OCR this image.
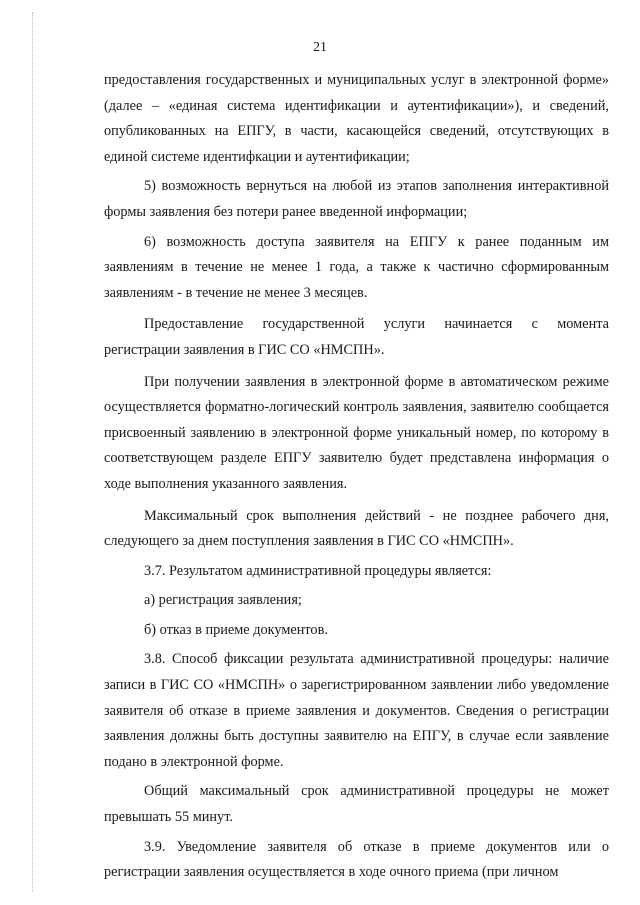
21

предоставления государственных и муниципальных услуг в электронной форме» (далее – «единая система идентификации и аутентификации»), и сведений, опубликованных на ЕПГУ, в части, касающейся сведений, отсутствующих в единой системе идентифкации и аутентификации;

5) возможность вернуться на любой из этапов заполнения интерактивной формы заявления без потери ранее введенной информации;

6) возможность доступа заявителя на ЕПГУ к ранее поданным им заявлениям в течение не менее 1 года, а также к частично сформированным заявлениям - в течение не менее 3 месяцев.

Предоставление государственной услуги начинается с момента регистрации заявления в ГИС СО «НМСПН».

При получении заявления в электронной форме в автоматическом режиме осуществляется форматно-логический контроль заявления, заявителю сообщается присвоенный заявлению в электронной форме уникальный номер, по которому в соответствующем разделе ЕПГУ заявителю будет представлена информация о ходе выполнения указанного заявления.

Максимальный срок выполнения действий - не позднее рабочего дня, следующего за днем поступления заявления в ГИС СО «НМСПН».

3.7. Результатом административной процедуры является:

а) регистрация заявления;

б) отказ в приеме документов.

3.8. Способ фиксации результата административной процедуры: наличие записи в ГИС СО «НМСПН» о зарегистрированном заявлении либо уведомление заявителя об отказе в приеме заявления и документов. Сведения о регистрации заявления должны быть доступны заявителю на ЕПГУ, в случае если заявление подано в электронной форме.

Общий максимальный срок административной процедуры не может превышать 55 минут.

3.9. Уведомление заявителя об отказе в приеме документов или о регистрации заявления осуществляется в ходе очного приема (при личном
